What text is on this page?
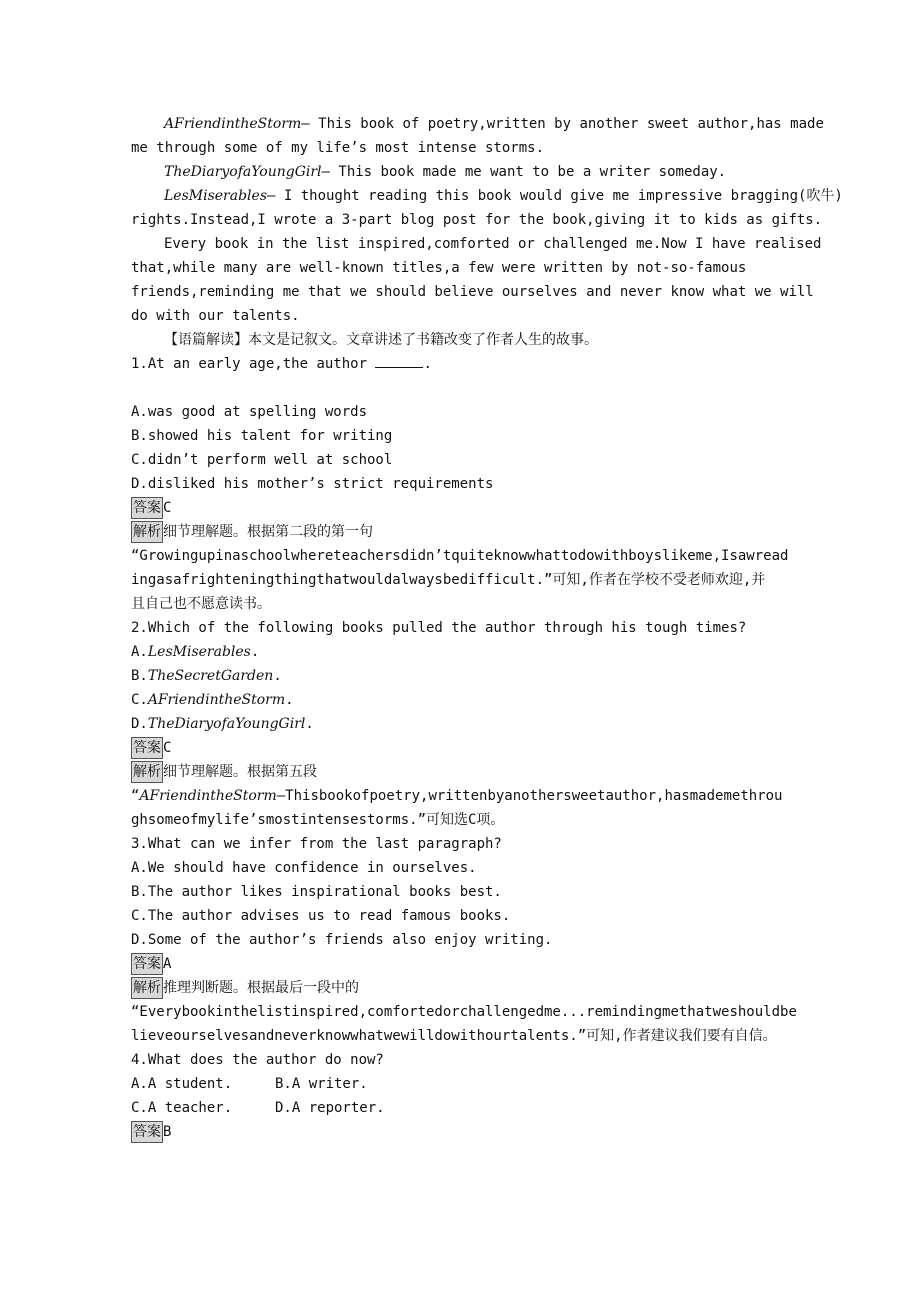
AFriendintheStorm— This book of poetry,written by another sweet author,has made
me through some of my life’s most intense storms.
TheDiaryofaYoungGirl— This book made me want to be a writer someday.
LesMiserables— I thought reading this book would give me impressive bragging(吹牛)
rights.Instead,I wrote a 3-part blog post for the book,giving it to kids as gifts.
Every book in the list inspired,comforted or challenged me.Now I have realised
that,while many are well-known titles,a few were written by not-so-famous
friends,reminding me that we should believe ourselves and never know what we will
do with our talents.
【语篇解读】本文是记叙文。文章讲述了书籍改变了作者人生的故事。
1.At an early age,the author	.
A.was good at spelling words
B.showed his talent for writing
C.didn’t perform well at school
D.disliked his mother’s strict requirements
答案 C
解析 细节理解题。根据第二段的第一句
“Growingupinaschoolwhereteachersdidn’tquiteknowwhattodowithboyslikeme,Isawread
ingasafrighteningthingthatwouldalwaysbedifficult.”可知,作者在学校不受老师欢迎,并
且自己也不愿意读书。
2.Which of the following books pulled the author through his tough times?
A.LesMiserables.
B.TheSecretGarden.
C.AFriendintheStorm.
D.TheDiaryofaYoungGirl.
答案 C
解析 细节理解题。根据第五段
“AFriendintheStorm—Thisbookofpoetry,writtenbyanothersweetauthor,hasmademethrou
ghsomeofmylife’smostintensestorms.”可知选C项。
3.What can we infer from the last paragraph?
A.We should have confidence in ourselves.
B.The author likes inspirational books best.
C.The author advises us to read famous books.
D.Some of the author’s friends also enjoy writing.
答案 A
解析 推理判断题。根据最后一段中的
“Everybookinthelistinspired,comfortedorchallengedme...remindingmethatweshouldbe
lieveourselvesandneverknowwhatwewilldowithourtalents.”可知,作者建议我们要有自信。
4.What does the author do now?
A.A student.	B.A writer.
C.A teacher.	D.A reporter.
答案 B
